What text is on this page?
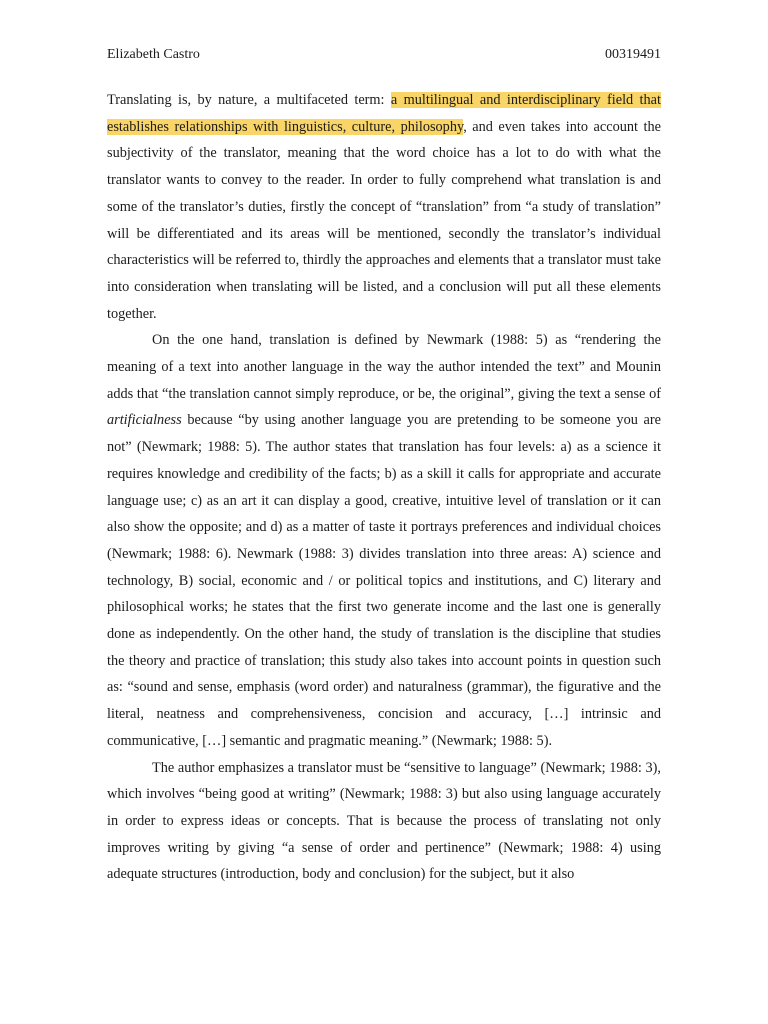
Elizabeth Castro	00319491

Translating is, by nature, a multifaceted term: a multilingual and interdisciplinary field that establishes relationships with linguistics, culture, philosophy, and even takes into account the subjectivity of the translator, meaning that the word choice has a lot to do with what the translator wants to convey to the reader. In order to fully comprehend what translation is and some of the translator’s duties, firstly the concept of “translation” from “a study of translation” will be differentiated and its areas will be mentioned, secondly the translator’s individual characteristics will be referred to, thirdly the approaches and elements that a translator must take into consideration when translating will be listed, and a conclusion will put all these elements together.

On the one hand, translation is defined by Newmark (1988: 5) as “rendering the meaning of a text into another language in the way the author intended the text” and Mounin adds that “the translation cannot simply reproduce, or be, the original”, giving the text a sense of artificialness because “by using another language you are pretending to be someone you are not” (Newmark; 1988: 5). The author states that translation has four levels: a) as a science it requires knowledge and credibility of the facts; b) as a skill it calls for appropriate and accurate language use; c) as an art it can display a good, creative, intuitive level of translation or it can also show the opposite; and d) as a matter of taste it portrays preferences and individual choices (Newmark; 1988: 6). Newmark (1988: 3) divides translation into three areas: A) science and technology, B) social, economic and / or political topics and institutions, and C) literary and philosophical works; he states that the first two generate income and the last one is generally done as independently. On the other hand, the study of translation is the discipline that studies the theory and practice of translation; this study also takes into account points in question such as: “sound and sense, emphasis (word order) and naturalness (grammar), the figurative and the literal, neatness and comprehensiveness, concision and accuracy, […] intrinsic and communicative, […] semantic and pragmatic meaning.” (Newmark; 1988: 5).

The author emphasizes a translator must be “sensitive to language” (Newmark; 1988: 3), which involves “being good at writing” (Newmark; 1988: 3) but also using language accurately in order to express ideas or concepts. That is because the process of translating not only improves writing by giving “a sense of order and pertinence” (Newmark; 1988: 4) using adequate structures (introduction, body and conclusion) for the subject, but it also
